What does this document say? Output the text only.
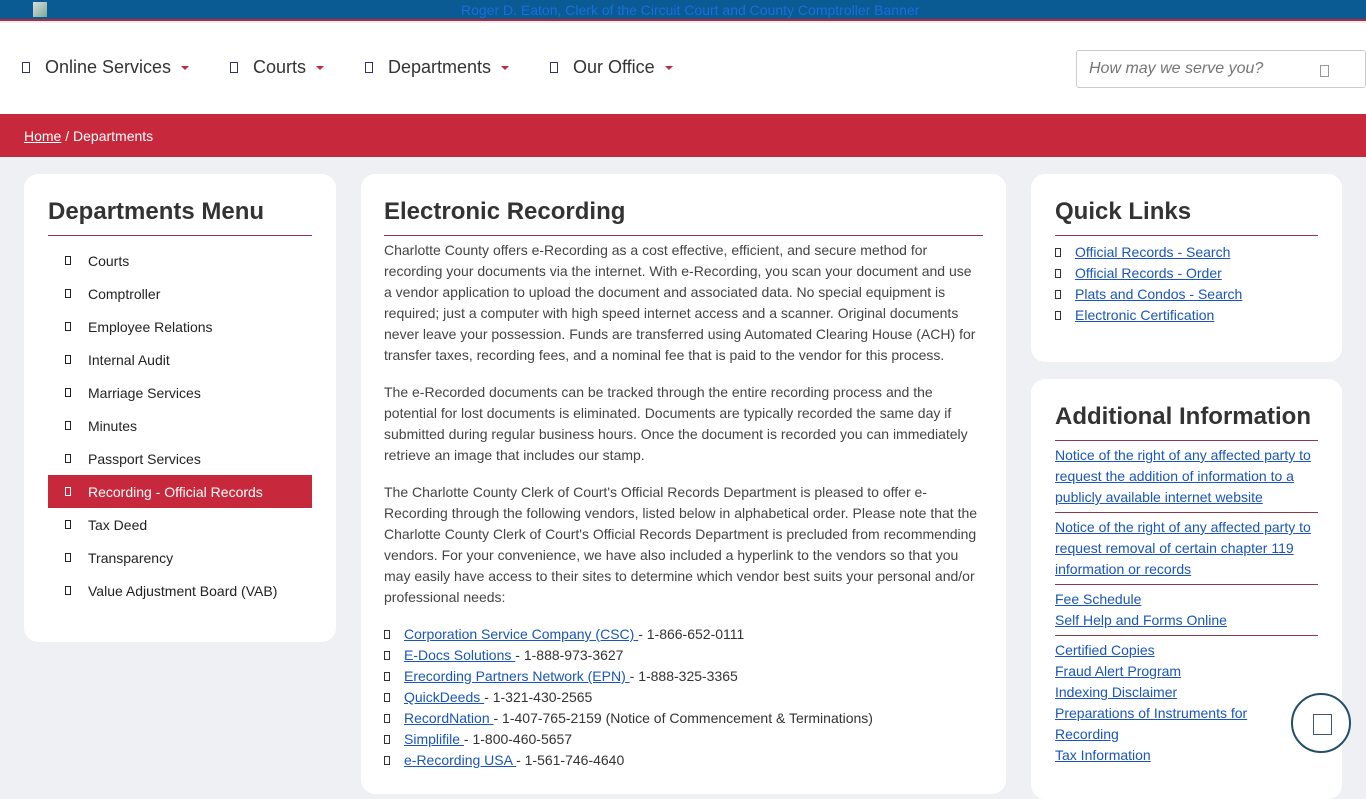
Roger D. Eaton, Clerk of the Circuit Court and County Comptroller Banner
Online Services	Courts	Departments	Our Office
How may we serve you?
Home / Departments
Departments Menu
Courts
Comptroller
Employee Relations
Internal Audit
Marriage Services
Minutes
Passport Services
Recording - Official Records
Tax Deed
Transparency
Value Adjustment Board (VAB)
Electronic Recording

Charlotte County offers e-Recording as a cost effective, efficient, and secure method for recording your documents via the internet. With e-Recording, you scan your document and use a vendor application to upload the document and associated data. No special equipment is required; just a computer with high speed internet access and a scanner. Original documents never leave your possession. Funds are transferred using Automated Clearing House (ACH) for transfer taxes, recording fees, and a nominal fee that is paid to the vendor for this process.

The e-Recorded documents can be tracked through the entire recording process and the potential for lost documents is eliminated. Documents are typically recorded the same day if submitted during regular business hours. Once the document is recorded you can immediately retrieve an image that includes our stamp.

The Charlotte County Clerk of Court's Official Records Department is pleased to offer e-Recording through the following vendors, listed below in alphabetical order. Please note that the Charlotte County Clerk of Court's Official Records Department is precluded from recommending vendors. For your convenience, we have also included a hyperlink to the vendors so that you may easily have access to their sites to determine which vendor best suits your personal and/or professional needs:

Corporation Service Company (CSC) - 1-866-652-0111
E-Docs Solutions - 1-888-973-3627
Erecording Partners Network (EPN) - 1-888-325-3365
QuickDeeds - 1-321-430-2565
RecordNation - 1-407-765-2159 (Notice of Commencement & Terminations)
Simplifile - 1-800-460-5657
e-Recording USA - 1-561-746-4640
Quick Links
Official Records - Search
Official Records - Order
Plats and Condos - Search
Electronic Certification
Additional Information
Notice of the right of any affected party to request the addition of information to a publicly available internet website
Notice of the right of any affected party to request removal of certain chapter 119 information or records
Fee Schedule
Self Help and Forms Online
Certified Copies
Fraud Alert Program
Indexing Disclaimer
Preparations of Instruments for Recording
Tax Information
